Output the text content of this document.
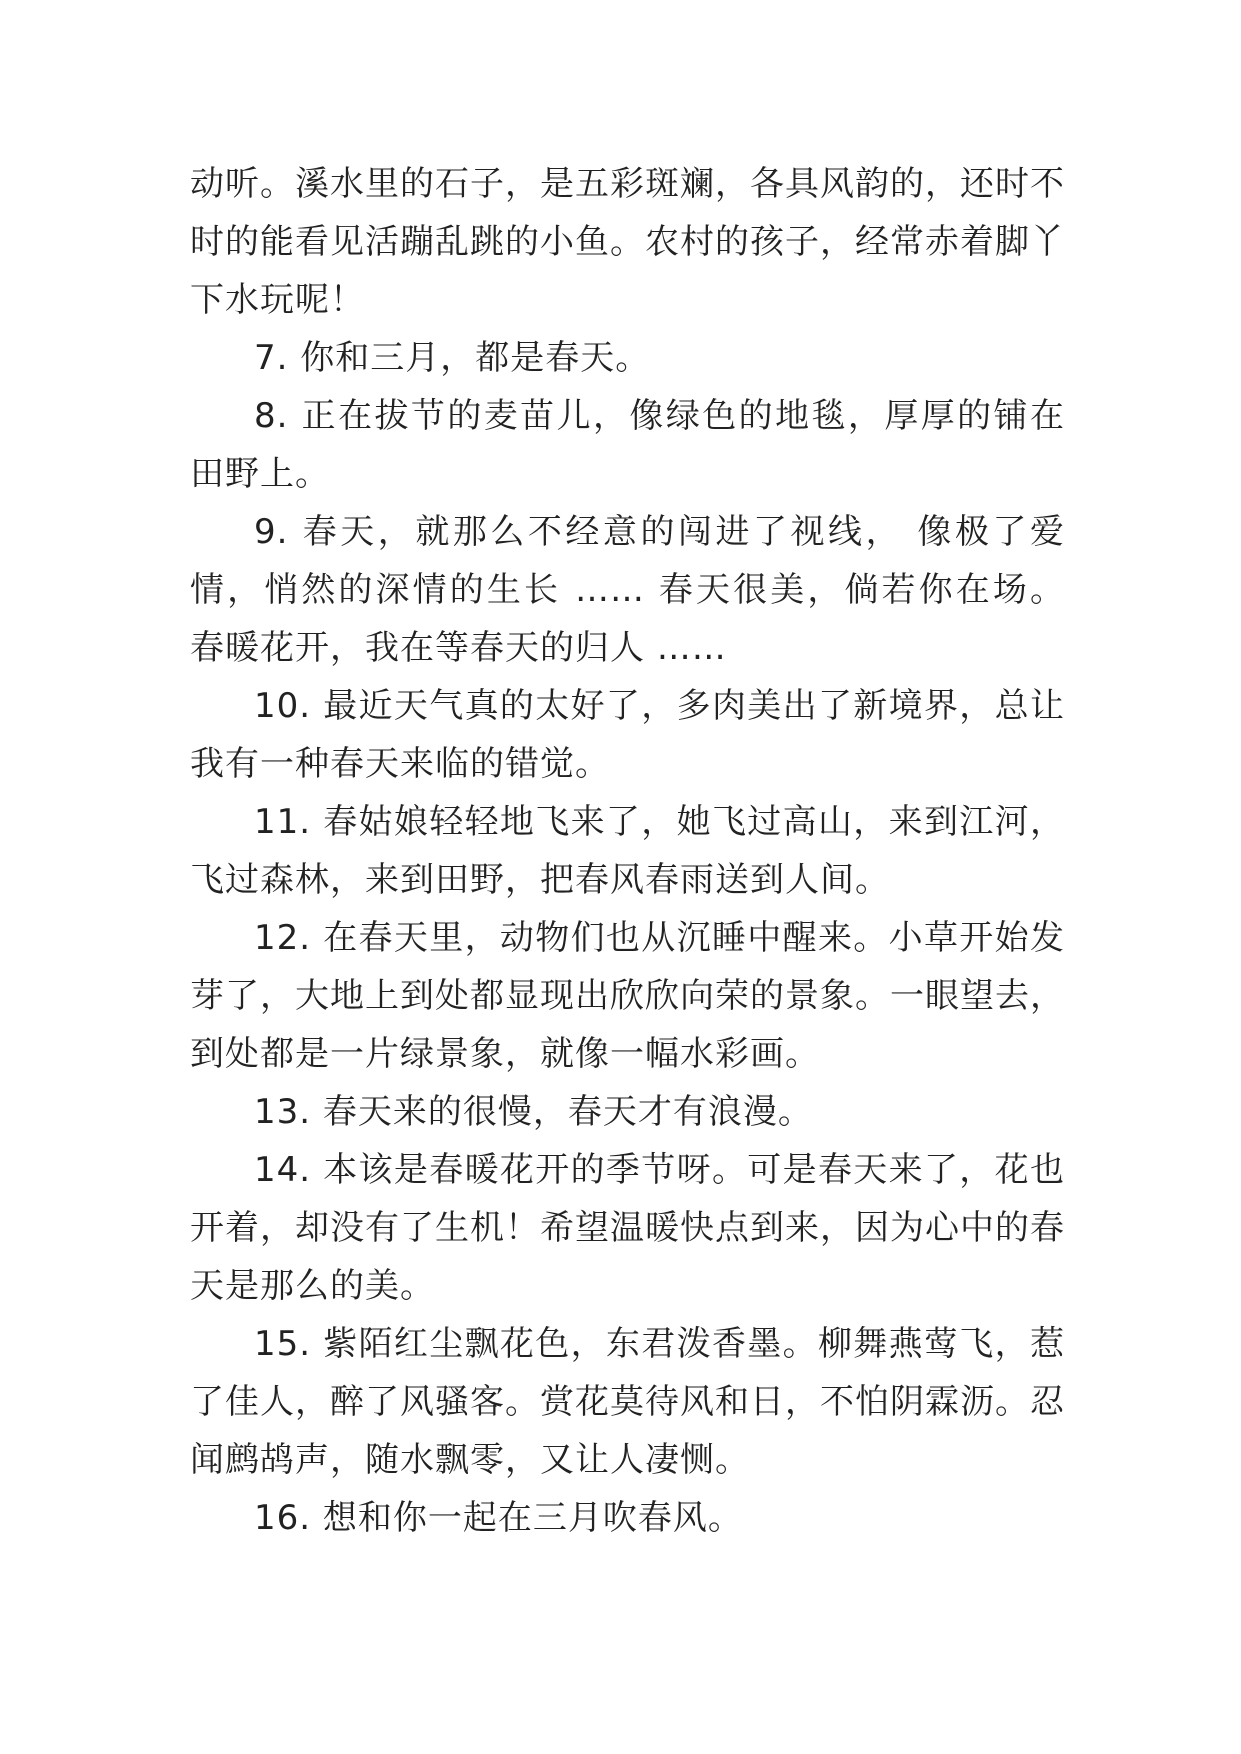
动听。溪水里的石子，是五彩斑斓，各具风韵的，还时不时的能看见活蹦乱跳的小鱼。农村的孩子，经常赤着脚丫下水玩呢！

7. 你和三月，都是春天。

8. 正在拔节的麦苗儿，像绿色的地毯，厚厚的铺在田野上。

9. 春天，就那么不经意的闯进了视线， 像极了爱情，悄然的深情的生长 …… 春天很美，倘若你在场。 春暖花开，我在等春天的归人 ……

10. 最近天气真的太好了，多肉美出了新境界，总让我有一种春天来临的错觉。

11. 春姑娘轻轻地飞来了，她飞过高山，来到江河，飞过森林，来到田野，把春风春雨送到人间。

12. 在春天里，动物们也从沉睡中醒来。小草开始发芽了，大地上到处都显现出欣欣向荣的景象。一眼望去，到处都是一片绿景象，就像一幅水彩画。

13. 春天来的很慢，春天才有浪漫。

14. 本该是春暖花开的季节呀。可是春天来了，花也开着，却没有了生机！希望温暖快点到来，因为心中的春天是那么的美。

15. 紫陌红尘飘花色，东君泼香墨。柳舞燕莺飞，惹了佳人，醉了风骚客。赏花莫待风和日，不怕阴霖沥。忍闻鹧鸪声，随水飘零，又让人凄恻。

16. 想和你一起在三月吹春风。
